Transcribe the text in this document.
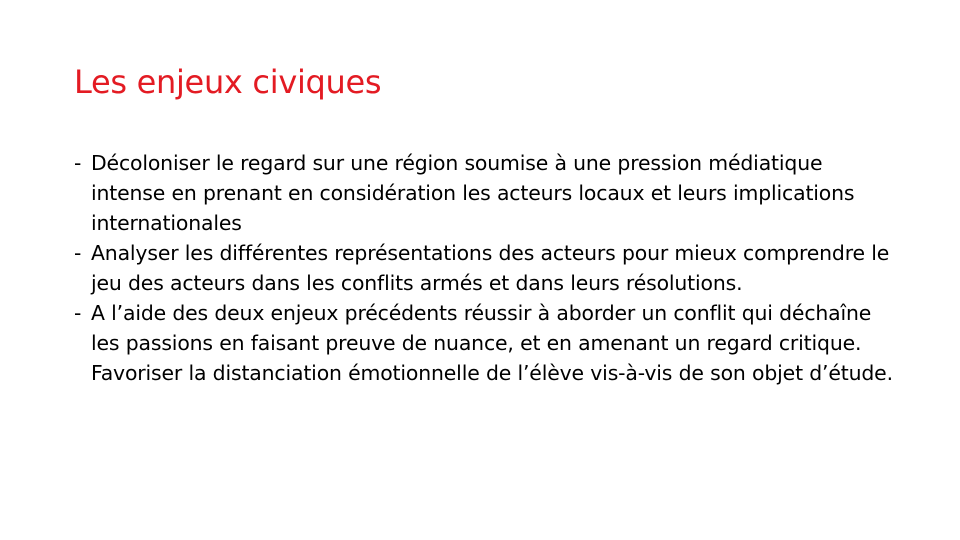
Les enjeux civiques
- Décoloniser le regard sur une région soumise à une pression médiatique intense en prenant en considération les acteurs locaux et leurs implications internationales
- Analyser les différentes représentations des acteurs pour mieux comprendre le jeu des acteurs dans les conflits armés et dans leurs résolutions.
- A l’aide des deux enjeux précédents réussir à aborder un conflit qui déchaîne les passions en faisant preuve de nuance, et en amenant un regard critique. Favoriser la distanciation émotionnelle de l’élève vis-à-vis de son objet d’étude.
